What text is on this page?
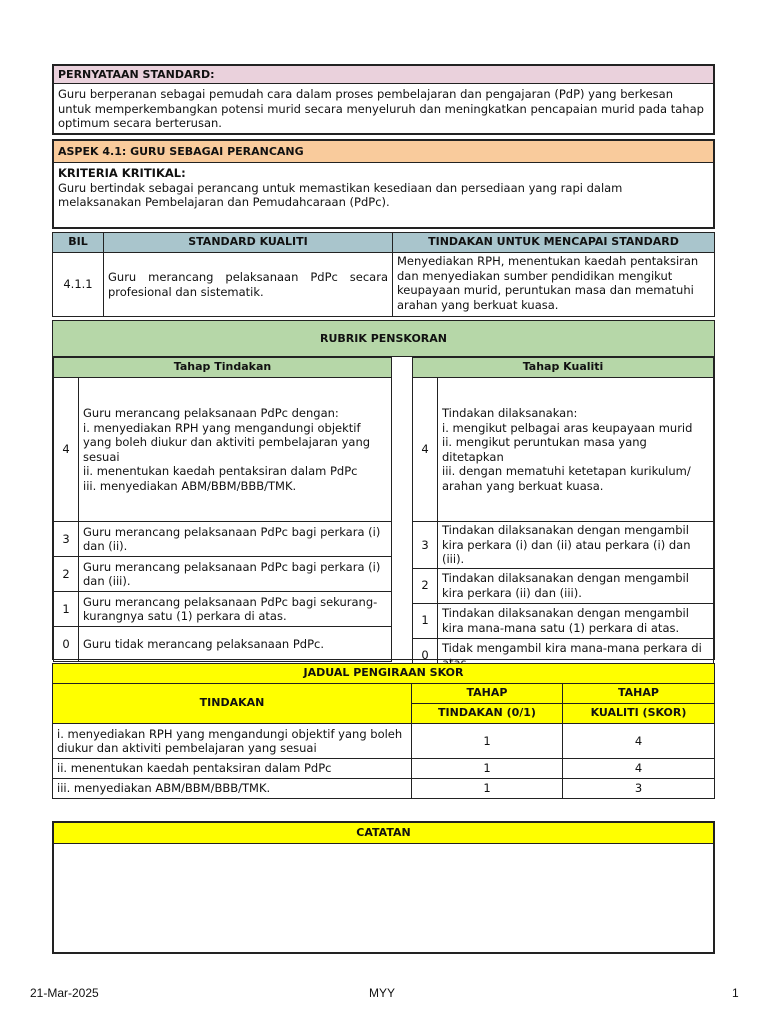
PERNYATAAN STANDARD:
Guru berperanan sebagai pemudah cara dalam proses pembelajaran dan pengajaran (PdP) yang berkesan untuk memperkembangkan potensi murid secara menyeluruh dan meningkatkan pencapaian murid pada tahap optimum secara berterusan.
ASPEK 4.1: GURU SEBAGAI PERANCANG
KRITERIA KRITIKAL:
Guru bertindak sebagai perancang untuk memastikan kesediaan dan persediaan yang rapi dalam melaksanakan Pembelajaran dan Pemudahcaraan (PdPc).
BIL	STANDARD KUALITI	TINDAKAN UNTUK MENCAPAI STANDARD
4.1.1	Guru merancang pelaksanaan PdPc secara profesional dan sistematik.	Menyediakan RPH, menentukan kaedah pentaksiran dan menyediakan sumber pendidikan mengikut keupayaan murid, peruntukan masa dan mematuhi arahan yang berkuat kuasa.
RUBRIK PENSKORAN
Tahap Tindakan	
4	Guru merancang pelaksanaan PdPc dengan:
i. menyediakan RPH yang mengandungi objektif yang boleh diukur dan aktiviti pembelajaran yang sesuai
ii. menentukan kaedah pentaksiran dalam PdPc
iii. menyediakan ABM/BBM/BBB/TMK.

3	Guru merancang pelaksanaan PdPc bagi perkara (i) dan (ii).
2	Guru merancang pelaksanaan PdPc bagi perkara (i) dan (iii).
1	Guru merancang pelaksanaan PdPc bagi sekurang-kurangnya satu (1) perkara di atas.
0	Guru tidak merancang pelaksanaan PdPc.
Tahap Kualiti	
4	Tindakan dilaksanakan:
i. mengikut pelbagai aras keupayaan murid
ii. mengikut peruntukan masa yang ditetapkan
iii. dengan mematuhi ketetapan kurikulum/ arahan yang berkuat kuasa.

3	Tindakan dilaksanakan dengan mengambil kira perkara (i) dan (ii) atau perkara (i) dan (iii).
2	Tindakan dilaksanakan dengan mengambil kira perkara (ii) dan (iii).
1	Tindakan dilaksanakan dengan mengambil kira mana-mana satu (1) perkara di atas.
0	Tidak mengambil kira mana-mana perkara di atas.
JADUAL PENGIRAAN SKOR		
TINDAKAN	TAHAP	TAHAP
	TINDAKAN (0/1)	KUALITI (SKOR)
i. menyediakan RPH yang mengandungi objektif yang boleh diukur dan aktiviti pembelajaran yang sesuai	1	4
ii. menentukan kaedah pentaksiran dalam PdPc	1	4
iii. menyediakan ABM/BBM/BBB/TMK.	1	3
CATATAN
21-Mar-2025	MYY	1
